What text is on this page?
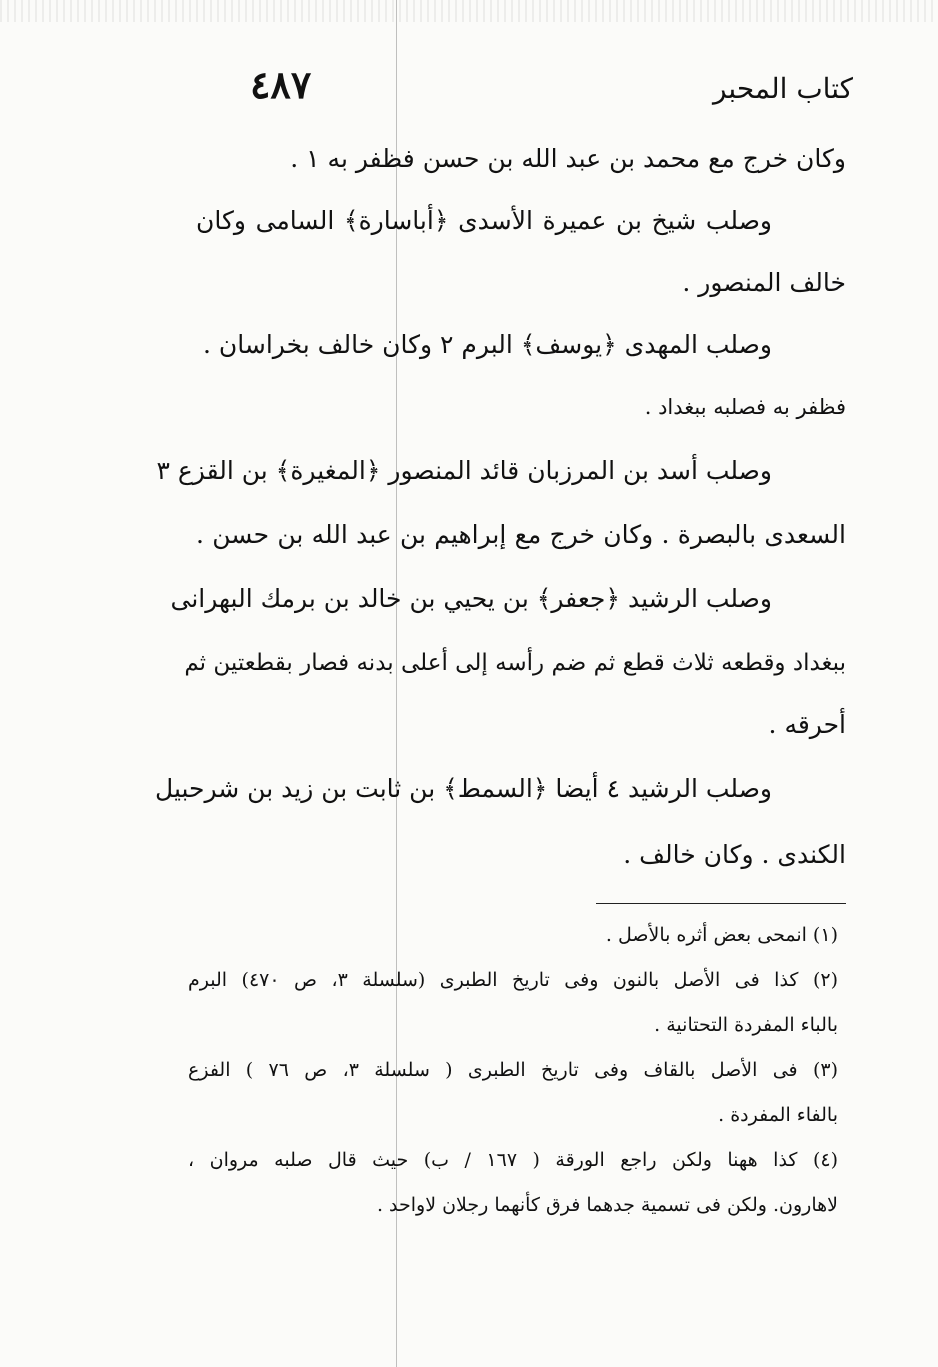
٤٨٧	كتاب المحبر
وكان خرج مع محمد بن عبد الله بن حسن فظفر به ١ .
وصلب شيخ بن عميرة الأسدى ﴿أباسارة﴾ السامى وكان
خالف المنصور .
وصلب المهدى ﴿يوسف﴾ البرم ٢ وكان خالف بخراسان .
فظفر به فصلبه ببغداد .
وصلب أسد بن المرزبان قائد المنصور ﴿المغيرة﴾ بن القزع ٣
السعدى بالبصرة . وكان خرج مع إبراهيم بن عبد الله بن حسن .
وصلب الرشيد ﴿جعفر﴾ بن يحيي بن خالد بن برمك البهرانى
ببغداد وقطعه ثلاث قطع ثم ضم رأسه إلى أعلى بدنه فصار بقطعتين ثم
أحرقه .
وصلب الرشيد ٤ أيضا ﴿السمط﴾ بن ثابت بن زيد بن شرحبيل
الكندى . وكان خالف .
(١) انمحى بعض أثره بالأصل .
(٢) كذا فى الأصل بالنون وفى تاريخ الطبرى (سلسلة ٣، ص ٤٧٠) البرم
بالباء المفردة التحتانية .
(٣) فى الأصل بالقاف وفى تاريخ الطبرى ( سلسلة ٣، ص ٧٦ ) الفزع
بالفاء المفردة .
(٤) كذا ههنا ولكن راجع الورقة ( ١٦٧ / ب) حيث قال صلبه مروان ،
لاهارون. ولكن فى تسمية جدهما فرق كأنهما رجلان لاواحد .
